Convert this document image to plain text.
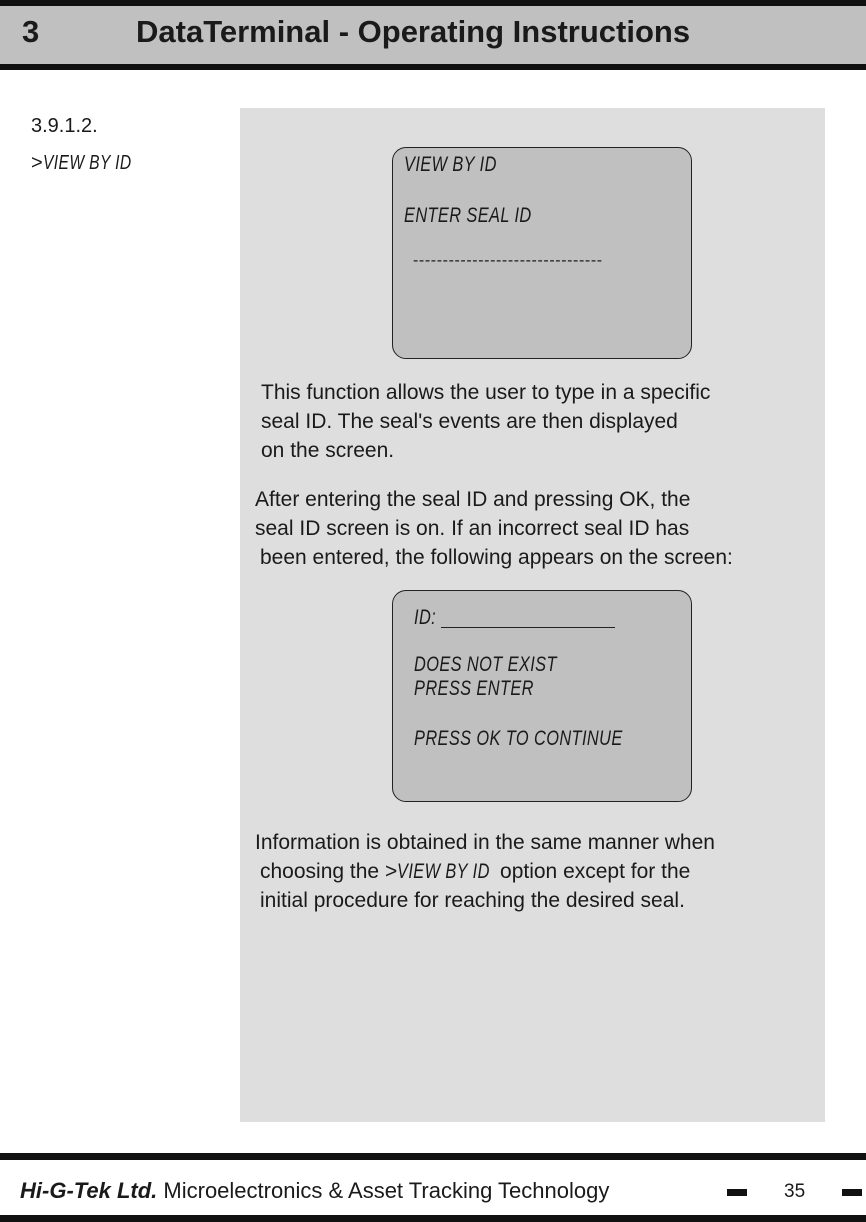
3	DataTerminal - Operating Instructions
3.9.1.2.
>VIEW BY ID	VIEW BY ID
ENTER SEAL ID
--------------------------------
This function allows the user to type in a specific
seal ID. The seal's events are then displayed
on the screen.
After entering the seal ID and pressing OK, the
seal ID screen is on. If an incorrect seal ID has
been entered, the following appears on the screen:
ID:
DOES NOT EXIST
PRESS ENTER
PRESS OK TO CONTINUE
Information is obtained in the same manner when
choosing the >VIEW BY ID option except for the
initial procedure for reaching the desired seal.
Hi-G-Tek Ltd. Microelectronics & Asset Tracking Technology	35
